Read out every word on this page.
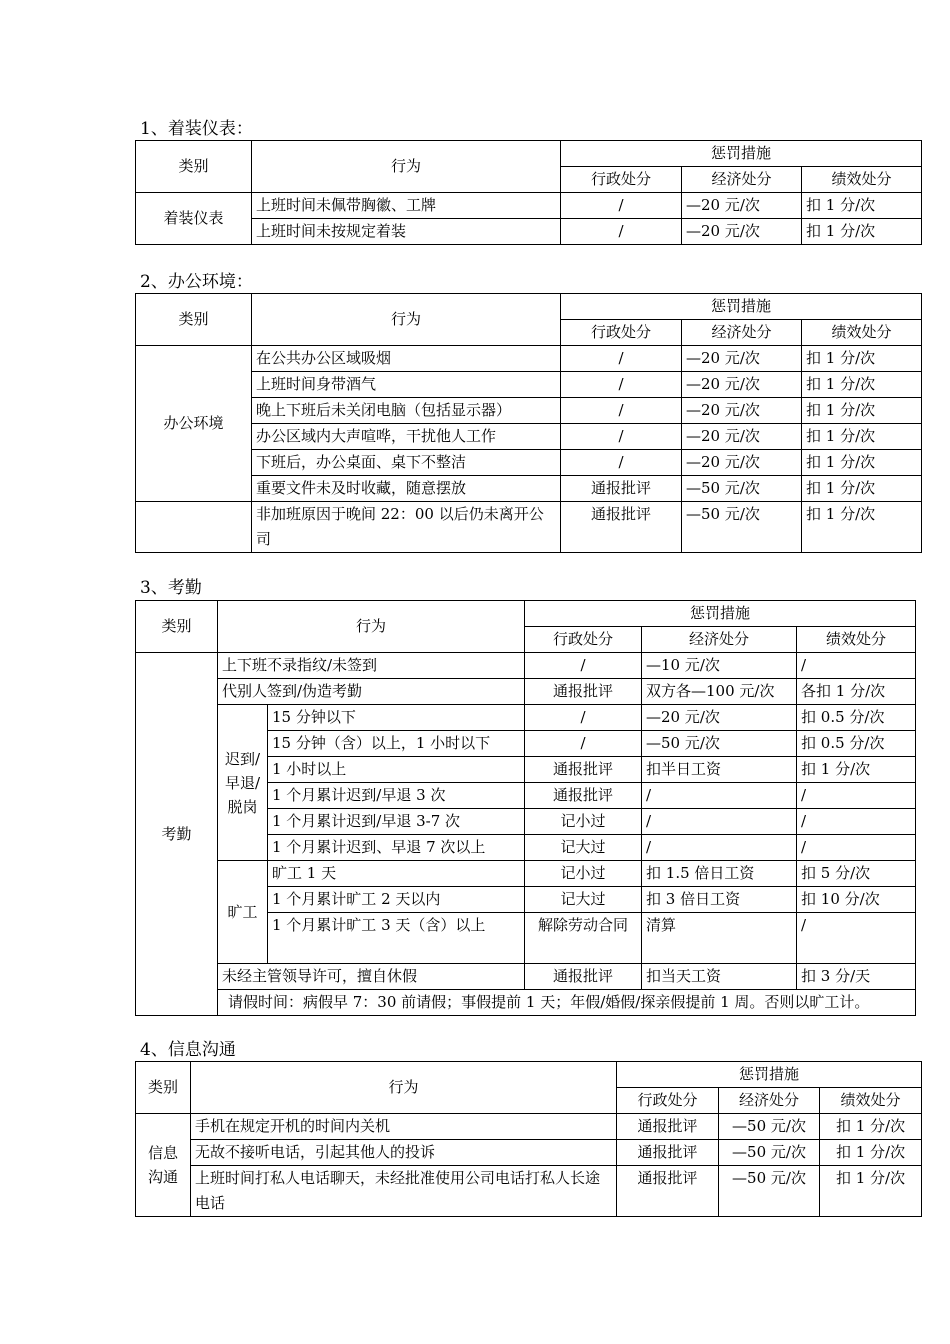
1、着装仪表：
类别	行为	惩罚措施		
		行政处分	经济处分	绩效处分
着装仪表	上班时间未佩带胸徽、工牌	/	—20 元/次	扣 1 分/次
	上班时间未按规定着装	/	—20 元/次	扣 1 分/次
2、办公环境：
类别	行为	惩罚措施		
		行政处分	经济处分	绩效处分
办公环境	在公共办公区域吸烟	/	—20 元/次	扣 1 分/次
	上班时间身带酒气	/	—20 元/次	扣 1 分/次
	晚上下班后未关闭电脑（包括显示器）	/	—20 元/次	扣 1 分/次
	办公区域内大声喧哗，干扰他人工作	/	—20 元/次	扣 1 分/次
	下班后，办公桌面、桌下不整洁	/	—20 元/次	扣 1 分/次
	重要文件未及时收藏，随意摆放	通报批评	—50 元/次	扣 1 分/次
	非加班原因于晚间 22：00 以后仍未离开公司	通报批评	—50 元/次	扣 1 分/次
3、考勤
类别	行为		惩罚措施		
			行政处分	经济处分	绩效处分
考勤	上下班不录指纹/未签到		/	—10 元/次	/
	代别人签到/伪造考勤		通报批评	双方各—100 元/次	各扣 1 分/次
	迟到/早退/脱岗	15 分钟以下	/	—20 元/次	扣 0.5 分/次
		15 分钟（含）以上，1 小时以下	/	—50 元/次	扣 0.5 分/次
		1 小时以上	通报批评	扣半日工资	扣 1 分/次
		1 个月累计迟到/早退 3 次	通报批评	/	/
		1 个月累计迟到/早退 3-7 次	记小过	/	/
		1 个月累计迟到、早退 7 次以上	记大过	/	/
	旷工	旷工 1 天	记小过	扣 1.5 倍日工资	扣 5 分/次
		1 个月累计旷工 2 天以内	记大过	扣 3 倍日工资	扣 10 分/次
		1 个月累计旷工 3 天（含）以上	解除劳动合同	清算	/
	未经主管领导许可，擅自休假		通报批评	扣当天工资	扣 3 分/天
	请假时间：病假早 7：30 前请假；事假提前 1 天；年假/婚假/探亲假提前 1 周。否则以旷工计。				
4、信息沟通
类别	行为	惩罚措施		
		行政处分	经济处分	绩效处分
信息沟通	手机在规定开机的时间内关机	通报批评	—50 元/次	扣 1 分/次
	无故不接听电话，引起其他人的投诉	通报批评	—50 元/次	扣 1 分/次
	上班时间打私人电话聊天，未经批准使用公司电话打私人长途电话	通报批评	—50 元/次	扣 1 分/次
